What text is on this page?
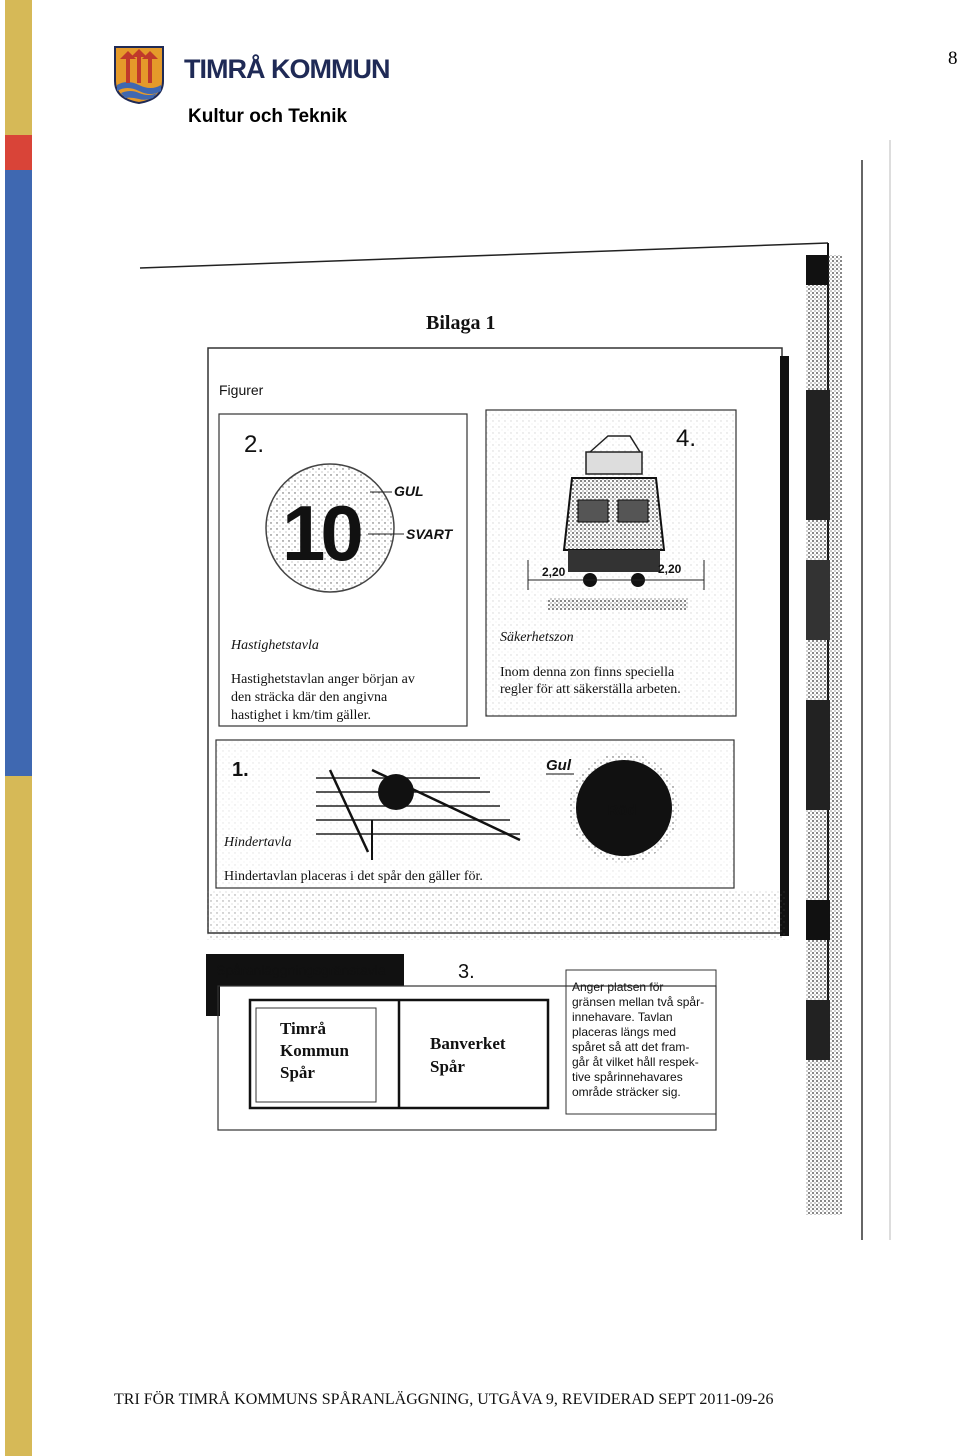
TIMRÅ KOMMUN
Kultur och Teknik
8
Bilaga 1
Figurer
2.
10	GUL
SVART
Hastighetstavla
Hastighetstavlan anger början av
den sträcka där den angivna
hastighet i km/tim gäller.
4.
2,20	2,20
Säkerhetszon
Inom denna zon finns speciella
regler för att säkerställa arbeten.
1.	Gul
Röd
Hindertavla
Hindertavlan placeras i det spår den gäller för.
Spåranläggningsgränstavla	3.
Timrå
Kommun
Spår
Banverket
Spår
Anger platsen för
gränsen mellan två spår-
innehavare. Tavlan
placeras längs med
spåret så att det fram-
går åt vilket håll respek-
tive spårinnehavares
område sträcker sig.
TRI FÖR TIMRÅ KOMMUNS SPÅRANLÄGGNING, UTGÅVA 9, REVIDERAD SEPT 2011-09-26
